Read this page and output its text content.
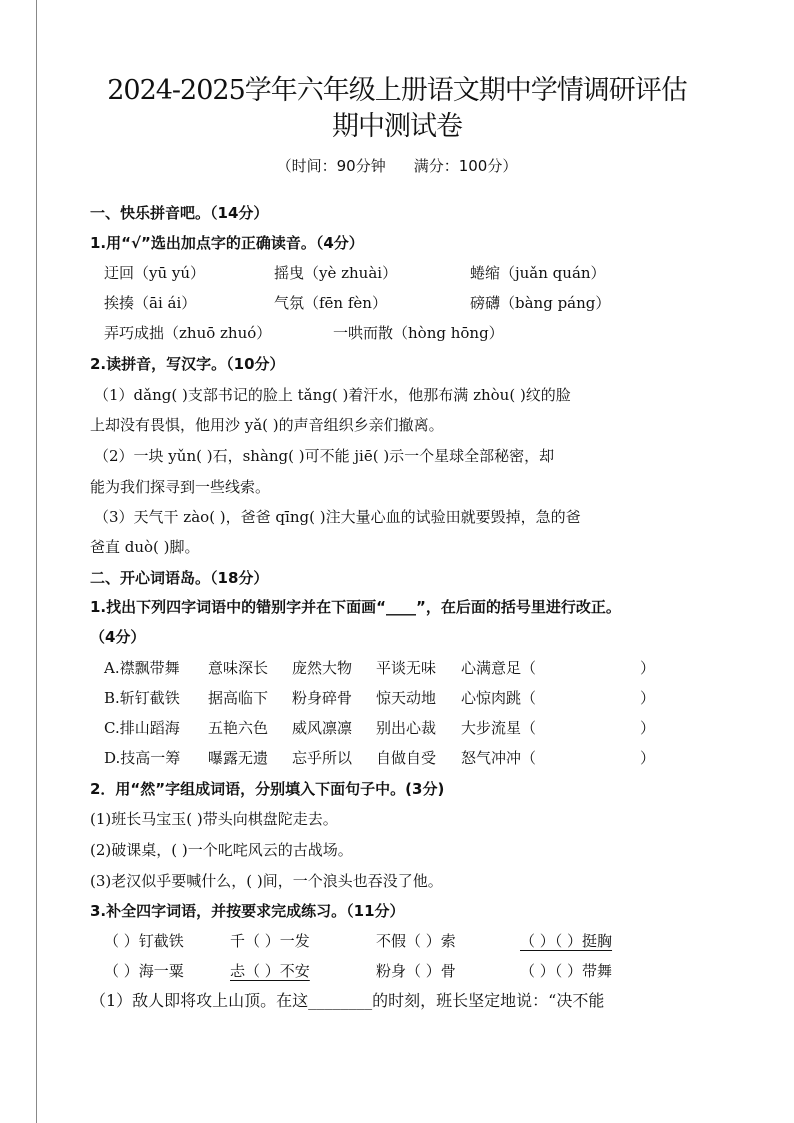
2024-2025学年六年级上册语文期中学情调研评估
期中测试卷
（时间：90分钟 满分：100分）
一、快乐拼音吧。（14分）
1.用“√”选出加点字的正确读音。（4分）
迂回（yū yú）	摇曳（yè zhuài）	蜷缩（juǎn quán）
挨揍（āi ái）	气氛（fēn fèn）	磅礴（bàng páng）
弄巧成拙（zhuō zhuó）	一哄而散（hòng hōng）
2.读拼音，写汉字。（10分）
（1）dǎng( )支部书记的脸上 tǎng( )着汗水，他那布满 zhòu( )纹的脸
上却没有畏惧，他用沙 yǎ( )的声音组织乡亲们撤离。
（2）一块 yǔn( )石，shàng( )可不能 jiē( )示一个星球全部秘密，却
能为我们探寻到一些线索。
（3）天气干 zào( )，爸爸 qīng( )注大量心血的试验田就要毁掉，急的爸
爸直 duò( )脚。
二、开心词语岛。（18分）
1.找出下列四字词语中的错别字并在下面画“____”，在后面的括号里进行改正。
（4分）
A.襟飘带舞 意味深长 庞然大物 平谈无味 心满意足（	）
B.斩钉截铁 据高临下 粉身碎骨 惊天动地 心惊肉跳（	）
C.排山蹈海 五艳六色 威风凛凛 别出心裁 大步流星（	）
D.技高一筹 嚗露无遗 忘乎所以 自做自受 怒气冲冲（	）
2．用“然”字组成词语，分别填入下面句子中。(3分)
(1)班长马宝玉( )带头向棋盘陀走去。
(2)破课桌，( )一个叱咤风云的古战场。
(3)老汉似乎要喊什么，( )间，一个浪头也吞没了他。
3.补全四字词语，并按要求完成练习。（11分）
（ ）钉截铁	千（ ）一发	不假（ ）索	（ ）（ ）挺胸
（ ）海一粟	忐（ ）不安	粉身（ ）骨	（ ）（ ）带舞
（1）敌人即将攻上山顶。在这________的时刻，班长坚定地说：“决不能
